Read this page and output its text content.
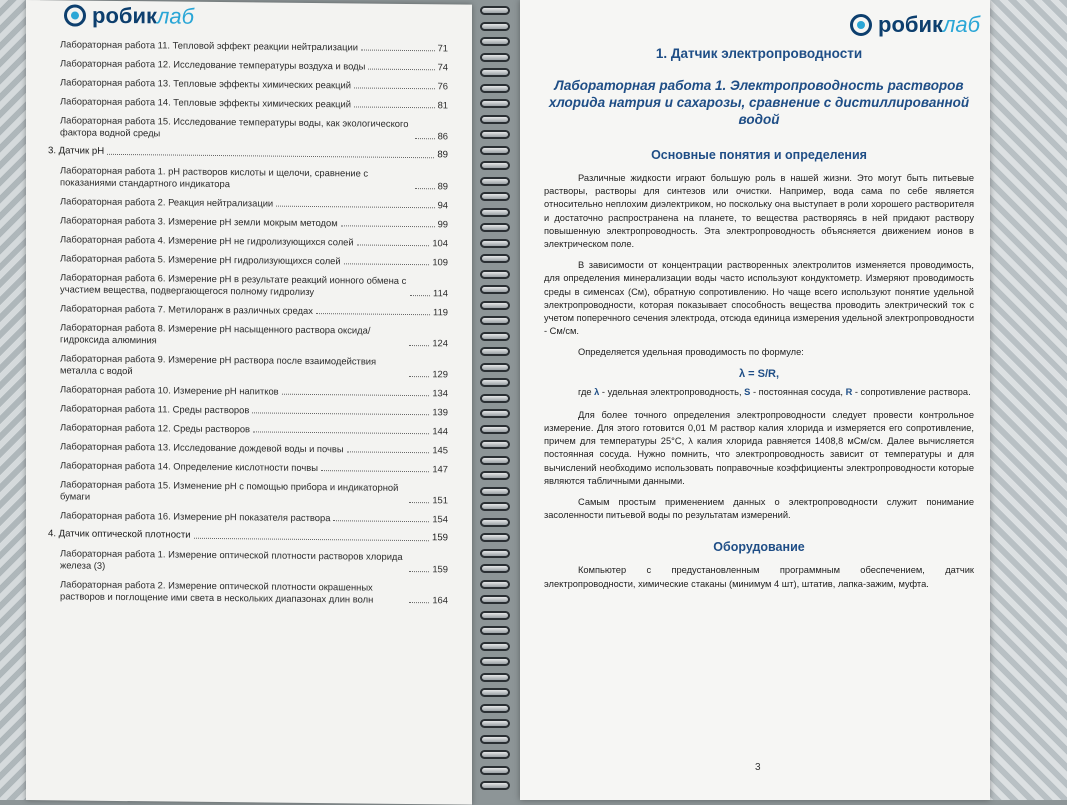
робиклаб
Лабораторная работа 11. Тепловой эффект реакции нейтрализации	71
Лабораторная работа 12. Исследование температуры воздуха и воды	74
Лабораторная работа 13. Тепловые эффекты химических реакций	76
Лабораторная работа 14. Тепловые эффекты химических реакций	81
Лабораторная работа 15. Исследование температуры воды, как экологического фактора водной среды	86
3. Датчик pH	89
Лабораторная работа 1. pH растворов кислоты и щелочи, сравнение с показаниями стандартного индикатора	89
Лабораторная работа 2. Реакция нейтрализации	94
Лабораторная работа 3. Измерение pH земли мокрым методом	99
Лабораторная работа 4. Измерение pH не гидролизующихся солей	104
Лабораторная работа 5. Измерение pH гидролизующихся солей	109
Лабораторная работа 6. Измерение pH в результате реакций ионного обмена с участием вещества, подвергающегося полному гидролизу	114
Лабораторная работа 7. Метилоранж в различных средах	119
Лабораторная работа 8. Измерение pH насыщенного раствора оксида/гидроксида алюминия	124
Лабораторная работа 9. Измерение pH раствора после взаимодействия металла с водой	129
Лабораторная работа 10. Измерение pH напитков	134
Лабораторная работа 11. Среды растворов	139
Лабораторная работа 12. Среды растворов	144
Лабораторная работа 13. Исследование дождевой воды и почвы	145
Лабораторная работа 14. Определение кислотности почвы	147
Лабораторная работа 15. Изменение pH с помощью прибора и индикаторной бумаги	151
Лабораторная работа 16. Измерение pH показателя раствора	154
4. Датчик оптической плотности	159
Лабораторная работа 1. Измерение оптической плотности растворов хлорида железа (3)	159
Лабораторная работа 2. Измерение оптической плотности окрашенных растворов и поглощение ими света в нескольких диапазонах длин волн	164
робиклаб
1. Датчик электропроводности
Лабораторная работа 1. Электропроводность растворов хлорида натрия и сахарозы, сравнение с дистиллированной водой
Основные понятия и определения

Различные жидкости играют большую роль в нашей жизни. Это могут быть питьевые растворы, растворы для синтезов или очистки. Например, вода сама по себе является относительно неплохим диэлектриком, но поскольку она выступает в роли хорошего растворителя и достаточно распространена на планете, то вещества растворяясь в ней придают раствору повышенную электропроводность. Эта электропроводность объясняется движением ионов в электрическом поле.

В зависимости от концентрации растворенных электролитов изменяется проводимость, для определения минерализации воды часто используют кондуктометр. Измеряют проводимость среды в сименсах (См), обратную сопротивлению. Но чаще всего используют понятие удельной электропроводности, которая показывает способность вещества проводить электрический ток с учетом поперечного сечения электрода, отсюда единица измерения удельной электропроводности - См/см.

Определяется удельная проводимость по формуле:

λ = S/R,
где λ - удельная электропроводность, S - постоянная сосуда, R - сопротивление раствора.

Для более точного определения электропроводности следует провести контрольное измерение. Для этого готовится 0,01 М раствор калия хлорида и измеряется его сопротивление, причем для температуры 25°С, λ калия хлорида равняется 1408,8 мСм/см. Далее вычисляется постоянная сосуда. Нужно помнить, что электропроводность зависит от температуры и для вычислений необходимо использовать поправочные коэффициенты электропроводности которые являются табличными данными.

Самым простым применением данных о электропроводности служит понимание засоленности питьевой воды по результатам измерений.

Оборудование

Компьютер с предустановленным программным обеспечением, датчик электропроводности, химические стаканы (минимум 4 шт), штатив, лапка-зажим, муфта.

3
